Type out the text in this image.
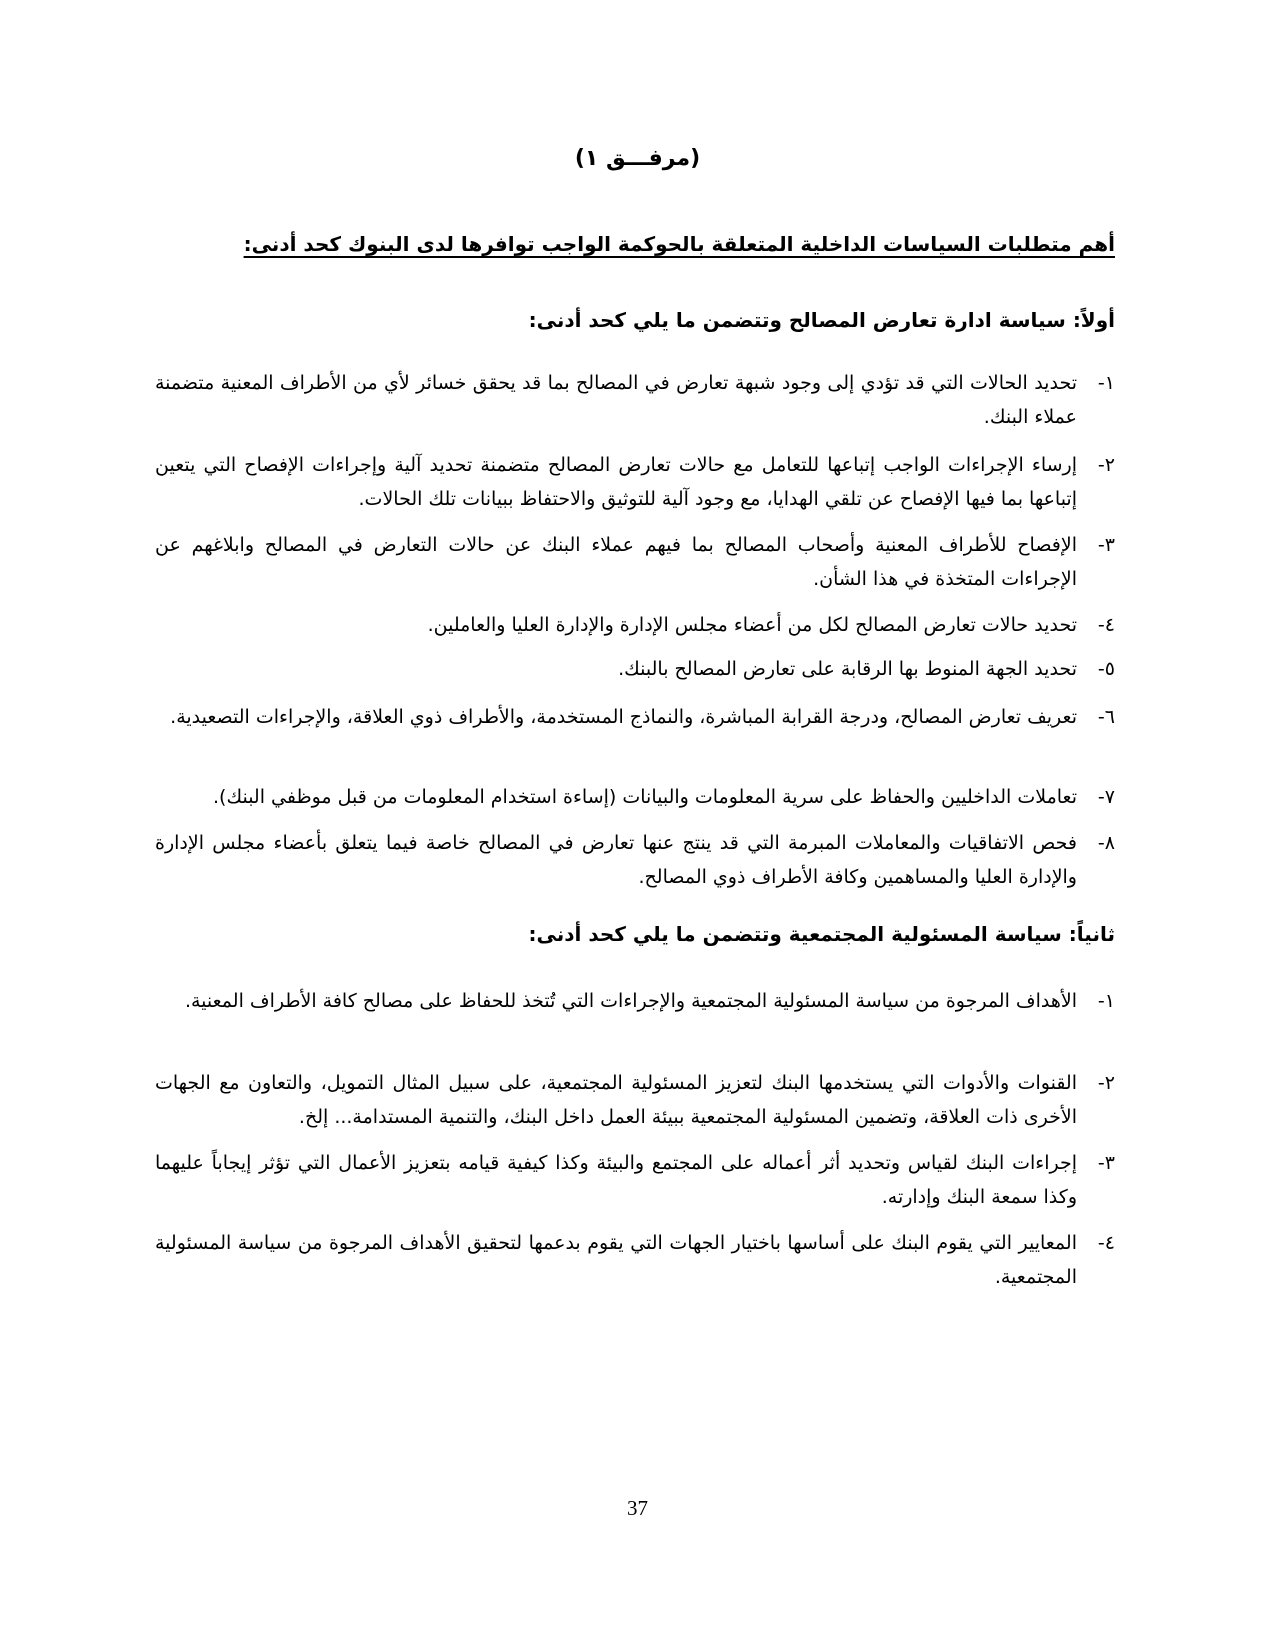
(مرفـــق ١)
أهم متطلبات السياسات الداخلية المتعلقة بالحوكمة الواجب توافرها لدى البنوك كحد أدنى:
أولاً: سياسة ادارة تعارض المصالح وتتضمن ما يلي كحد أدنى:
١-
تحديد الحالات التي قد تؤدي إلى وجود شبهة تعارض في المصالح بما قد يحقق خسائر لأي من الأطراف المعنية متضمنة عملاء البنك.
٢-
إرساء الإجراءات الواجب إتباعها للتعامل مع حالات تعارض المصالح متضمنة تحديد آلية وإجراءات الإفصاح التي يتعين إتباعها بما فيها الإفصاح عن تلقي الهدايا، مع وجود آلية للتوثيق والاحتفاظ ببيانات تلك الحالات.
٣-
الإفصاح للأطراف المعنية وأصحاب المصالح بما فيهم عملاء البنك عن حالات التعارض في المصالح وابلاغهم عن الإجراءات المتخذة في هذا الشأن.
٤-
تحديد حالات تعارض المصالح لكل من أعضاء مجلس الإدارة والإدارة العليا والعاملين.
٥-
تحديد الجهة المنوط بها الرقابة على تعارض المصالح بالبنك.
٦-
تعريف تعارض المصالح، ودرجة القرابة المباشرة، والنماذج المستخدمة، والأطراف ذوي العلاقة، والإجراءات التصعيدية.
٧-
تعاملات الداخليين والحفاظ على سرية المعلومات والبيانات (إساءة استخدام المعلومات من قبل موظفي البنك).
٨-
فحص الاتفاقيات والمعاملات المبرمة التي قد ينتج عنها تعارض في المصالح خاصة فيما يتعلق بأعضاء مجلس الإدارة والإدارة العليا والمساهمين وكافة الأطراف ذوي المصالح.
ثانياً: سياسة المسئولية المجتمعية وتتضمن ما يلي كحد أدنى:
١-
الأهداف المرجوة من سياسة المسئولية المجتمعية والإجراءات التي تُتخذ للحفاظ على مصالح كافة الأطراف المعنية.
٢-
القنوات والأدوات التي يستخدمها البنك لتعزيز المسئولية المجتمعية، على سبيل المثال التمويل، والتعاون مع الجهات الأخرى ذات العلاقة، وتضمين المسئولية المجتمعية ببيئة العمل داخل البنك، والتنمية المستدامة... إلخ.
٣-
إجراءات البنك لقياس وتحديد أثر أعماله على المجتمع والبيئة وكذا كيفية قيامه بتعزيز الأعمال التي تؤثر إيجاباً عليهما وكذا سمعة البنك وإدارته.
٤-
المعايير التي يقوم البنك على أساسها باختيار الجهات التي يقوم بدعمها لتحقيق الأهداف المرجوة من سياسة المسئولية المجتمعية.
37
